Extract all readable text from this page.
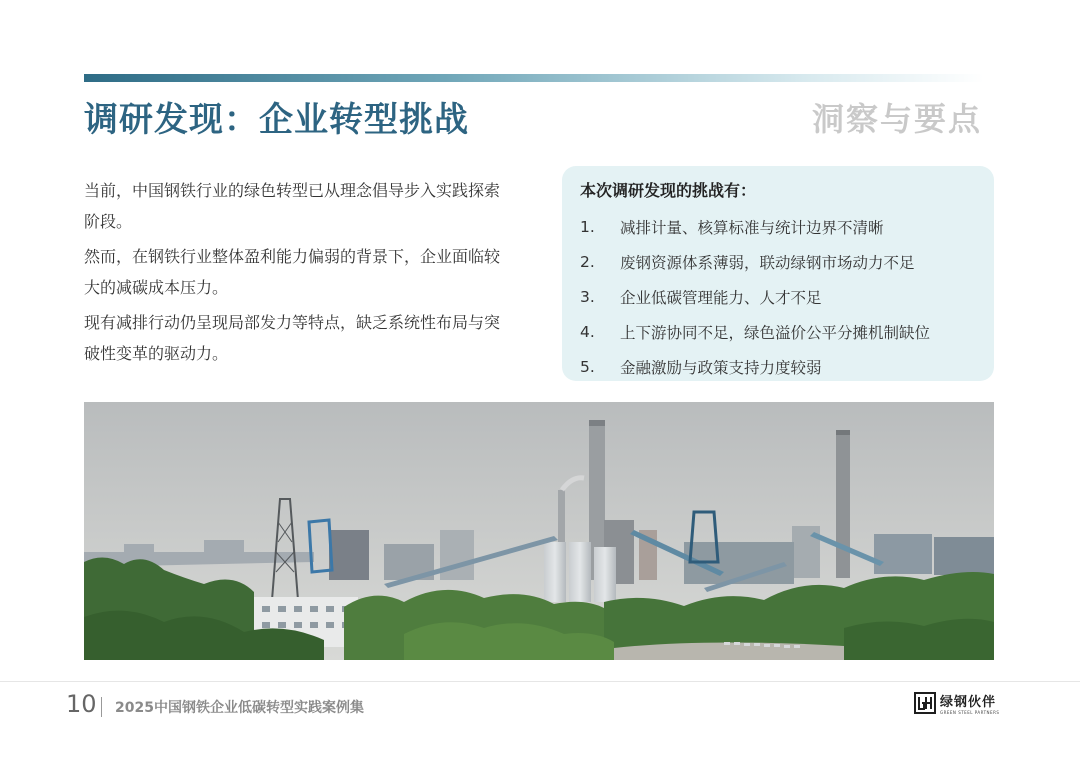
调研发现：企业转型挑战	洞察与要点

当前，中国钢铁行业的绿色转型已从理念倡导步入实践探索阶段。

然而，在钢铁行业整体盈利能力偏弱的背景下，企业面临较大的减碳成本压力。

现有减排行动仍呈现局部发力等特点，缺乏系统性布局与突破性变革的驱动力。

本次调研发现的挑战有：
1.	减排计量、核算标准与统计边界不清晰
2.	废钢资源体系薄弱，联动绿钢市场动力不足
3.	企业低碳管理能力、人才不足
4.	上下游协同不足，绿色溢价公平分摊机制缺位
5.	金融激励与政策支持力度较弱
10 2025中国钢铁企业低碳转型实践案例集	绿钢伙伴
GREEN STEEL PARTNERS
